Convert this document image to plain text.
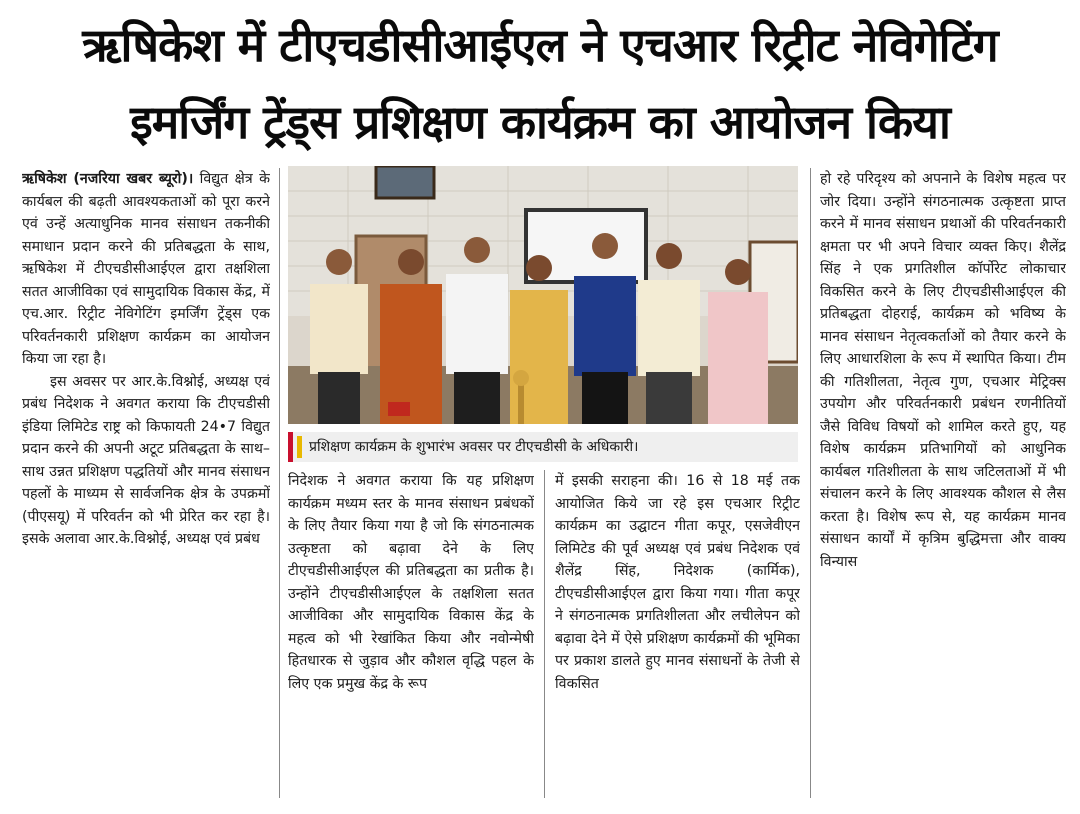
ऋषिकेश में टीएचडीसीआईएल ने एचआर रिट्रीट नेविगेटिंग
इमर्जिंग ट्रेंड्स प्रशिक्षण कार्यक्रम का आयोजन किया

ऋषिकेश (नजरिया खबर ब्यूरो)। विद्युत क्षेत्र के कार्यबल की बढ़ती आवश्यकताओं को पूरा करने एवं उन्हें अत्याधुनिक मानव संसाधन तकनीकी समाधान प्रदान करने की प्रतिबद्धता के साथ, ऋषिकेश में टीएचडीसीआईएल द्वारा तक्षशिला सतत आजीविका एवं सामुदायिक विकास केंद्र, में एच.आर. रिट्रीट नेविगेटिंग इमर्जिंग ट्रेंड्स एक परिवर्तनकारी प्रशिक्षण कार्यक्रम का आयोजन किया जा रहा है।

इस अवसर पर आर.के.विश्नोई, अध्यक्ष एवं प्रबंध निदेशक ने अवगत कराया कि टीएचडीसी इंडिया लिमिटेड राष्ट्र को किफायती 24•7 विद्युत प्रदान करने की अपनी अटूट प्रतिबद्धता के साथ–साथ उन्नत प्रशिक्षण पद्धतियों और मानव संसाधन पहलों के माध्यम से सार्वजनिक क्षेत्र के उपक्रमों (पीएसयू) में परिवर्तन को भी प्रेरित कर रहा है। इसके अलावा आर.के.विश्नोई, अध्यक्ष एवं प्रबंध

प्रशिक्षण कार्यक्रम के शुभारंभ अवसर पर टीएचडीसी के अधिकारी।

निदेशक ने अवगत कराया कि यह प्रशिक्षण कार्यक्रम मध्यम स्तर के मानव संसाधन प्रबंधकों के लिए तैयार किया गया है जो कि संगठनात्मक उत्कृष्टता को बढ़ावा देने के लिए टीएचडीसीआईएल की प्रतिबद्धता का प्रतीक है। उन्होंने टीएचडीसीआईएल के तक्षशिला सतत आजीविका और सामुदायिक विकास केंद्र के महत्व को भी रेखांकित किया और नवोन्मेषी हितधारक से जुड़ाव और कौशल वृद्धि पहल के लिए एक प्रमुख केंद्र के रूप

में इसकी सराहना की। 16 से 18 मई तक आयोजित किये जा रहे इस एचआर रिट्रीट कार्यक्रम का उद्घाटन गीता कपूर, एसजेवीएन लिमिटेड की पूर्व अध्यक्ष एवं प्रबंध निदेशक एवं शैलेंद्र सिंह, निदेशक (कार्मिक), टीएचडीसीआईएल द्वारा किया गया। गीता कपूर ने संगठनात्मक प्रगतिशीलता और लचीलेपन को बढ़ावा देने में ऐसे प्रशिक्षण कार्यक्रमों की भूमिका पर प्रकाश डालते हुए मानव संसाधनों के तेजी से विकसित

हो रहे परिदृश्य को अपनाने के विशेष महत्व पर जोर दिया। उन्होंने संगठनात्मक उत्कृष्टता प्राप्त करने में मानव संसाधन प्रथाओं की परिवर्तनकारी क्षमता पर भी अपने विचार व्यक्त किए। शैलेंद्र सिंह ने एक प्रगतिशील कॉर्पोरेट लोकाचार विकसित करने के लिए टीएचडीसीआईएल की प्रतिबद्धता दोहराई, कार्यक्रम को भविष्य के मानव संसाधन नेतृत्वकर्ताओं को तैयार करने के लिए आधारशिला के रूप में स्थापित किया। टीम की गतिशीलता, नेतृत्व गुण, एचआर मेट्रिक्स उपयोग और परिवर्तनकारी प्रबंधन रणनीतियों जैसे विविध विषयों को शामिल करते हुए, यह विशेष कार्यक्रम प्रतिभागियों को आधुनिक कार्यबल गतिशीलता के साथ जटिलताओं में भी संचालन करने के लिए आवश्यक कौशल से लैस करता है। विशेष रूप से, यह कार्यक्रम मानव संसाधन कार्यों में कृत्रिम बुद्धिमत्ता और वाक्य विन्यास
